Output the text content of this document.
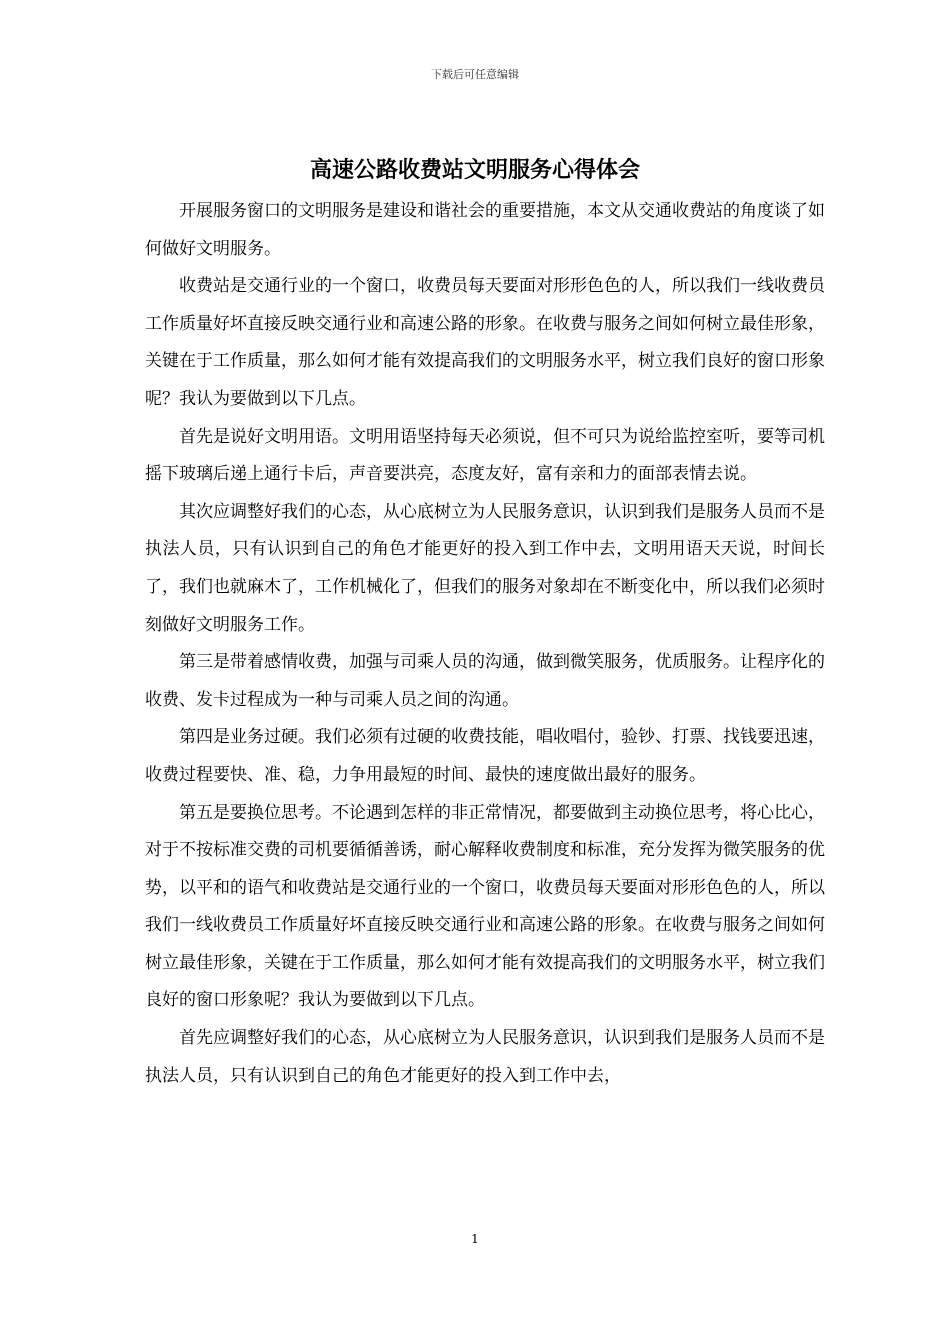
下载后可任意编辑
高速公路收费站文明服务心得体会

开展服务窗口的文明服务是建设和谐社会的重要措施，本文从交通收费站的角度谈了如何做好文明服务。

收费站是交通行业的一个窗口，收费员每天要面对形形色色的人，所以我们一线收费员工作质量好坏直接反映交通行业和高速公路的形象。在收费与服务之间如何树立最佳形象，关键在于工作质量，那么如何才能有效提高我们的文明服务水平，树立我们良好的窗口形象呢？我认为要做到以下几点。

首先是说好文明用语。文明用语坚持每天必须说，但不可只为说给监控室听，要等司机摇下玻璃后递上通行卡后，声音要洪亮，态度友好，富有亲和力的面部表情去说。

其次应调整好我们的心态，从心底树立为人民服务意识，认识到我们是服务人员而不是执法人员，只有认识到自己的角色才能更好的投入到工作中去，文明用语天天说，时间长了，我们也就麻木了，工作机械化了，但我们的服务对象却在不断变化中，所以我们必须时刻做好文明服务工作。

第三是带着感情收费，加强与司乘人员的沟通，做到微笑服务，优质服务。让程序化的收费、发卡过程成为一种与司乘人员之间的沟通。

第四是业务过硬。我们必须有过硬的收费技能，唱收唱付，验钞、打票、找钱要迅速，收费过程要快、准、稳，力争用最短的时间、最快的速度做出最好的服务。

第五是要换位思考。不论遇到怎样的非正常情况，都要做到主动换位思考，将心比心，对于不按标准交费的司机要循循善诱，耐心解释收费制度和标准，充分发挥为微笑服务的优势，以平和的语气和收费站是交通行业的一个窗口，收费员每天要面对形形色色的人，所以我们一线收费员工作质量好坏直接反映交通行业和高速公路的形象。在收费与服务之间如何树立最佳形象，关键在于工作质量，那么如何才能有效提高我们的文明服务水平，树立我们良好的窗口形象呢？我认为要做到以下几点。

首先应调整好我们的心态，从心底树立为人民服务意识，认识到我们是服务人员而不是执法人员，只有认识到自己的角色才能更好的投入到工作中去，

1
